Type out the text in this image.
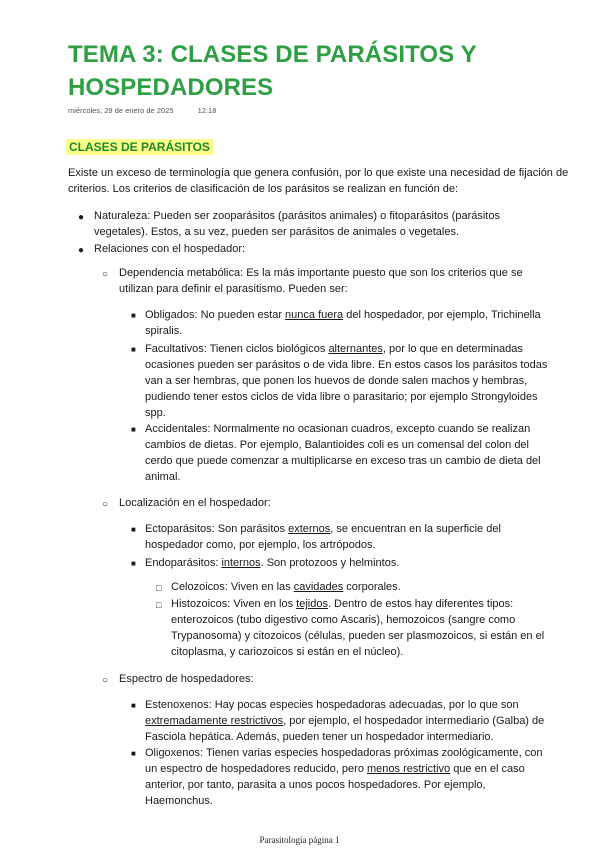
TEMA 3: CLASES DE PARÁSITOS Y HOSPEDADORES
miércoles, 29 de enero de 2025	12:18
CLASES DE PARÁSITOS

Existe un exceso de terminología que genera confusión, por lo que existe una necesidad de fijación de criterios. Los criterios de clasificación de los parásitos se realizan en función de:

● Naturaleza: Pueden ser zooparásitos (parásitos animales) o fitoparásitos (parásitos
vegetales). Estos, a su vez, pueden ser parásitos de animales o vegetales.
● Relaciones con el hospedador:
○ Dependencia metabólica: Es la más importante puesto que son los criterios que se
utilizan para definir el parasitismo. Pueden ser:
■ Obligados: No pueden estar nunca fuera del hospedador, por ejemplo, Trichinella
spiralis.
■ Facultativos: Tienen ciclos biológicos alternantes, por lo que en determinadas
ocasiones pueden ser parásitos o de vida libre. En estos casos los parásitos todas
van a ser hembras, que ponen los huevos de donde salen machos y hembras,
pudiendo tener estos ciclos de vida libre o parasitario; por ejemplo Strongyloides
spp.
■ Accidentales: Normalmente no ocasionan cuadros, excepto cuando se realizan
cambios de dietas. Por ejemplo, Balantioides coli es un comensal del colon del
cerdo que puede comenzar a multiplicarse en exceso tras un cambio de dieta del
animal.
○ Localización en el hospedador:
■ Ectoparásitos: Son parásitos externos, se encuentran en la superficie del
hospedador como, por ejemplo, los artrópodos.
■ Endoparásitos: internos. Son protozoos y helmintos.
□ Celozoicos: Viven en las cavidades corporales.
□ Histozoicos: Viven en los tejidos. Dentro de estos hay diferentes tipos:
enterozoicos (tubo digestivo como Ascaris), hemozoicos (sangre como
Trypanosoma) y citozoicos (células, pueden ser plasmozoicos, si están en el
citoplasma, y cariozoicos si están en el núcleo).
○ Espectro de hospedadores:
■ Estenoxenos: Hay pocas especies hospedadoras adecuadas, por lo que son
extremadamente restrictivos, por ejemplo, el hospedador intermediario (Galba) de
Fasciola hepática. Además, pueden tener un hospedador intermediario.
■ Oligoxenos: Tienen varias especies hospedadoras próximas zoológicamente, con
un espectro de hospedadores reducido, pero menos restrictivo que en el caso
anterior, por tanto, parasita a unos pocos hospedadores. Por ejemplo,
Haemonchus.
Parasitología página 1
